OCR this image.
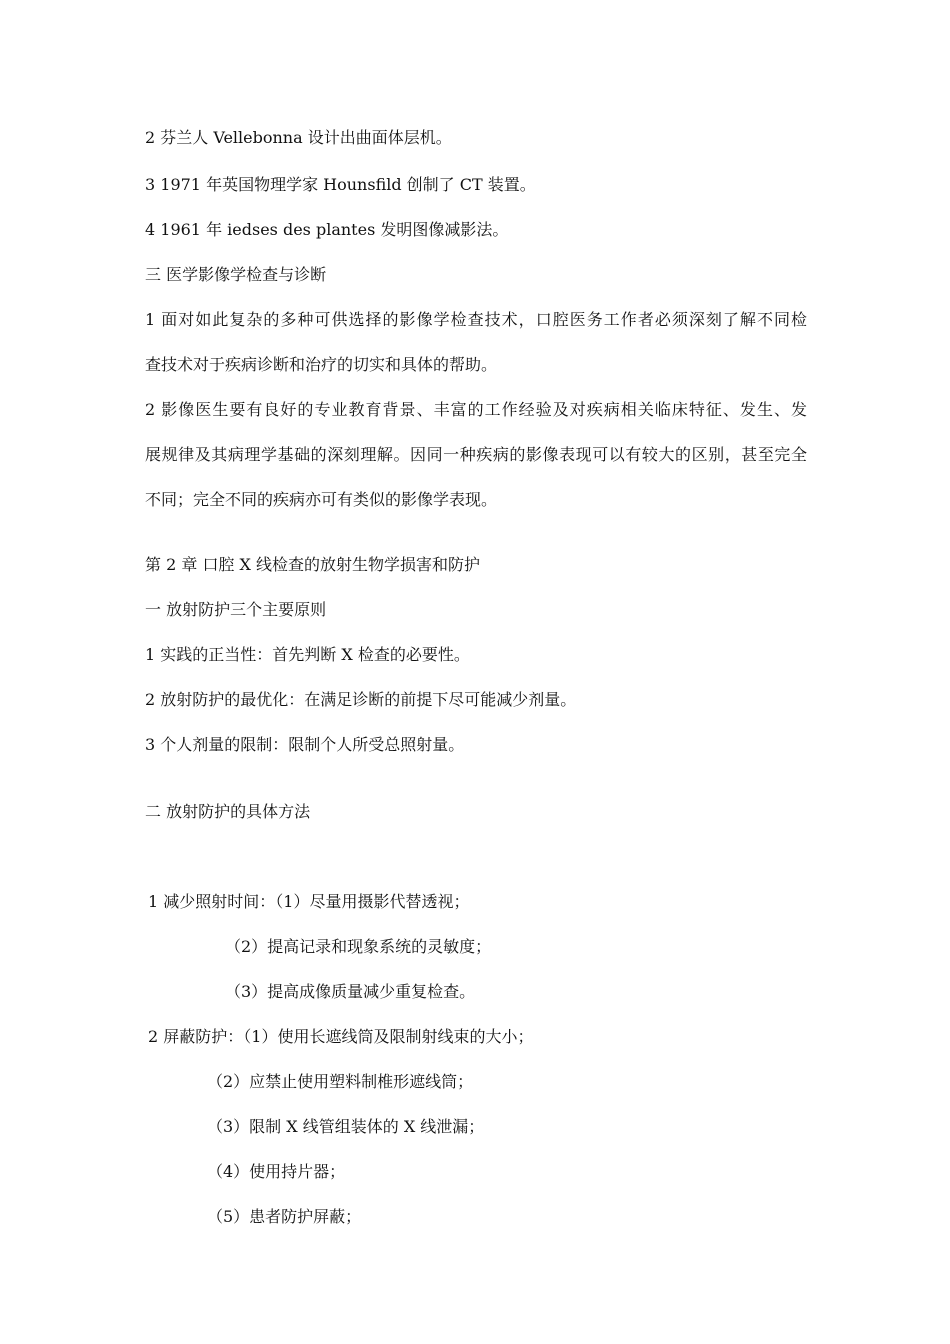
2 芬兰人 Vellebonna 设计出曲面体层机。
3 1971 年英国物理学家 Hounsfild 创制了 CT 装置。
4 1961 年 iedses des plantes 发明图像减影法。
三 医学影像学检查与诊断
1 面对如此复杂的多种可供选择的影像学检查技术，口腔医务工作者必须深刻了解不同检
查技术对于疾病诊断和治疗的切实和具体的帮助。
2 影像医生要有良好的专业教育背景、丰富的工作经验及对疾病相关临床特征、发生、发
展规律及其病理学基础的深刻理解。因同一种疾病的影像表现可以有较大的区别，甚至完全
不同；完全不同的疾病亦可有类似的影像学表现。
第 2 章 口腔 X 线检查的放射生物学损害和防护
一 放射防护三个主要原则
1 实践的正当性：首先判断 X 检查的必要性。
2 放射防护的最优化：在满足诊断的前提下尽可能减少剂量。
3 个人剂量的限制：限制个人所受总照射量。
二 放射防护的具体方法
1 减少照射时间：（1）尽量用摄影代替透视；
（2）提高记录和现象系统的灵敏度；
（3）提高成像质量减少重复检查。
2 屏蔽防护：（1）使用长遮线筒及限制射线束的大小；
（2）应禁止使用塑料制椎形遮线筒；
（3）限制 X 线管组装体的 X 线泄漏；
（4）使用持片器；
（5）患者防护屏蔽；
